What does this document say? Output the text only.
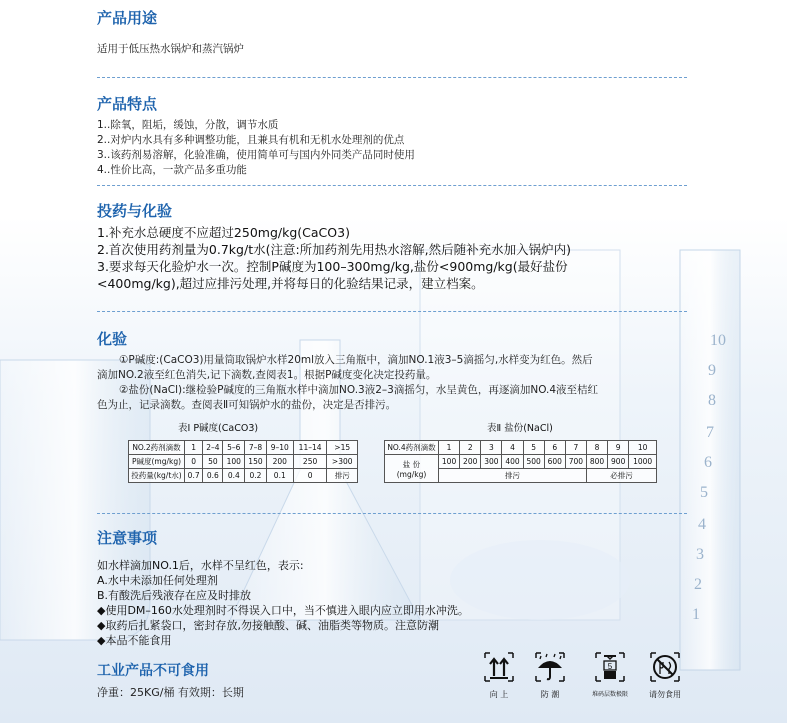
10
9
8
7
6
5
4
3
2
1
产品用途
适用于低压热水锅炉和蒸汽锅炉
产品特点

1..除氧，阻垢，缓蚀，分散，调节水质

2..对炉内水具有多种调整功能，且兼具有机和无机水处理剂的优点

3..该药剂易溶解，化验准确，使用简单可与国内外同类产品同时使用

4..性价比高，一款产品多重功能

投药与化验

1.补充水总硬度不应超过250mg/kg(CaCO3)

2.首次使用药剂量为0.7kg/t水(注意:所加药剂先用热水溶解,然后随补充水加入锅炉内)

3.要求每天化验炉水一次。控制P碱度为100–300mg/kg,盐份<900mg/kg(最好盐份

<400mg/kg),超过应排污处理,并将每日的化验结果记录，建立档案。

化验

①P碱度:(CaCO3)用量筒取锅炉水样20ml放入三角瓶中，滴加NO.1液3–5滴摇匀,水样变为红色。然后

滴加NO.2液至红色消失,记下滴数,查阅表1。根据P碱度变化决定投药量。

②盐份(NaCl):继检验P碱度的三角瓶水样中滴加NO.3液2–3滴摇匀，水呈黄色，再逐滴加NO.4液至桔红

色为止，记录滴数。查阅表Ⅱ可知锅炉水的盐份，决定是否排污。

表Ⅰ P碱度(CaCO3)
NO.2药剂滴数	1	2–4	5–6	7–8	9–10	11–14	>15
P碱度(mg/kg)	0	50	100	150	200	250	>300
投药量(kg/t水)	0.7	0.6	0.4	0.2	0.1	0	排污
表Ⅱ 盐份(NaCl)
NO.4药剂滴数	1	2	3	4	5	6	7	8	9	10
盐 份
(mg/kg)	100	200	300	400	500	600	700	800	900	1000
	排污							必排污		
注意事项

如水样滴加NO.1后，水样不呈红色，表示:

A.水中未添加任何处理剂

B.有酸洗后残液存在应及时排放

◆使用DM–160水处理剂时不得误入口中，当不慎进入眼内应立即用水冲洗。

◆取药后扎紧袋口，密封存放,勿接触酸、碱、油脂类等物质。注意防潮

◆本品不能食用

工业产品不可食用
净重：25KG/桶 有效期：长期	向 上	防 潮
5
堆码层数极限	请勿食用
